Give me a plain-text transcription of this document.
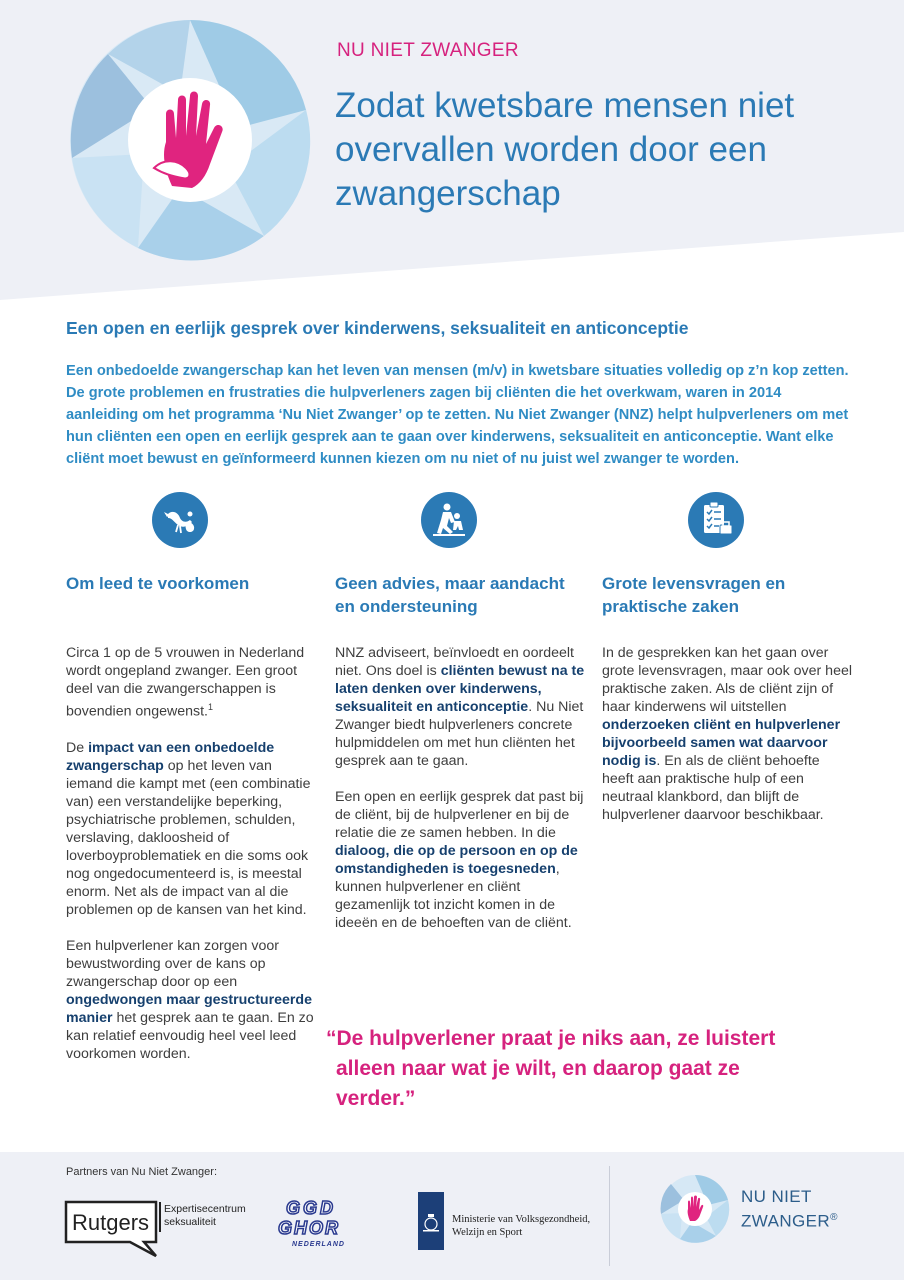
NU NIET ZWANGER
Zodat kwetsbare mensen niet overvallen worden door een zwangerschap
Een open en eerlijk gesprek over kinderwens, seksualiteit en anticonceptie
Een onbedoelde zwangerschap kan het leven van mensen (m/v) in kwetsbare situaties volledig op z’n kop zetten. De grote problemen en frustraties die hulpverleners zagen bij cliënten die het overkwam, waren in 2014 aanleiding om het programma ‘Nu Niet Zwanger’ op te zetten. Nu Niet Zwanger (NNZ) helpt hulpverleners om met hun cliënten een open en eerlijk gesprek aan te gaan over kinderwens, seksualiteit en anticonceptie. Want elke cliënt moet bewust en geïnformeerd kunnen kiezen om nu niet of nu juist wel zwanger te worden.
Om leed te voorkomen

Circa 1 op de 5 vrouwen in Nederland wordt ongepland zwanger. Een groot deel van die zwangerschappen is bovendien ongewenst.$^1$

De impact van een onbedoelde zwangerschap op het leven van iemand die kampt met (een combinatie van) een verstandelijke beperking, psychiatrische problemen, schulden, verslaving, dakloosheid of loverboyproblematiek en die soms ook nog ongedocumenteerd is, is meestal enorm. Net als de impact van al die problemen op de kansen van het kind.

Een hulpverlener kan zorgen voor bewustwording over de kans op zwangerschap door op een ongedwongen maar gestructureerde manier het gesprek aan te gaan. En zo kan relatief eenvoudig heel veel leed voorkomen worden.

Geen advies, maar aandacht en ondersteuning

NNZ adviseert, beïnvloedt en oordeelt niet. Ons doel is cliënten bewust na te laten denken over kinderwens, seksualiteit en anticonceptie. Nu Niet Zwanger biedt hulpverleners concrete hulpmiddelen om met hun cliënten het gesprek aan te gaan.

Een open en eerlijk gesprek dat past bij de cliënt, bij de hulpverlener en bij de relatie die ze samen hebben. In die dialoog, die op de persoon en op de omstandigheden is toegesneden, kunnen hulpverlener en cliënt gezamenlijk tot inzicht komen in de ideeën en de behoeften van de cliënt.

Grote levensvragen en praktische zaken

In de gesprekken kan het gaan over grote levensvragen, maar ook over heel praktische zaken. Als de cliënt zijn of haar kinderwens wil uitstellen onderzoeken cliënt en hulpverlener bijvoorbeeld samen wat daarvoor nodig is. En als de cliënt behoefte heeft aan praktische hulp of een neutraal klankbord, dan blijft de hulpverlener daarvoor beschikbaar.

“De hulpverlener praat je niks aan, ze luistert
alleen naar wat je wilt, en daarop gaat ze
verder.”
Partners van Nu Niet Zwanger:
Rutgers
Expertisecentrum
seksualiteit
GGD
GHOR
NEDERLAND
Ministerie van Volksgezondheid,
Welzijn en Sport
NU NIET
ZWANGER®
